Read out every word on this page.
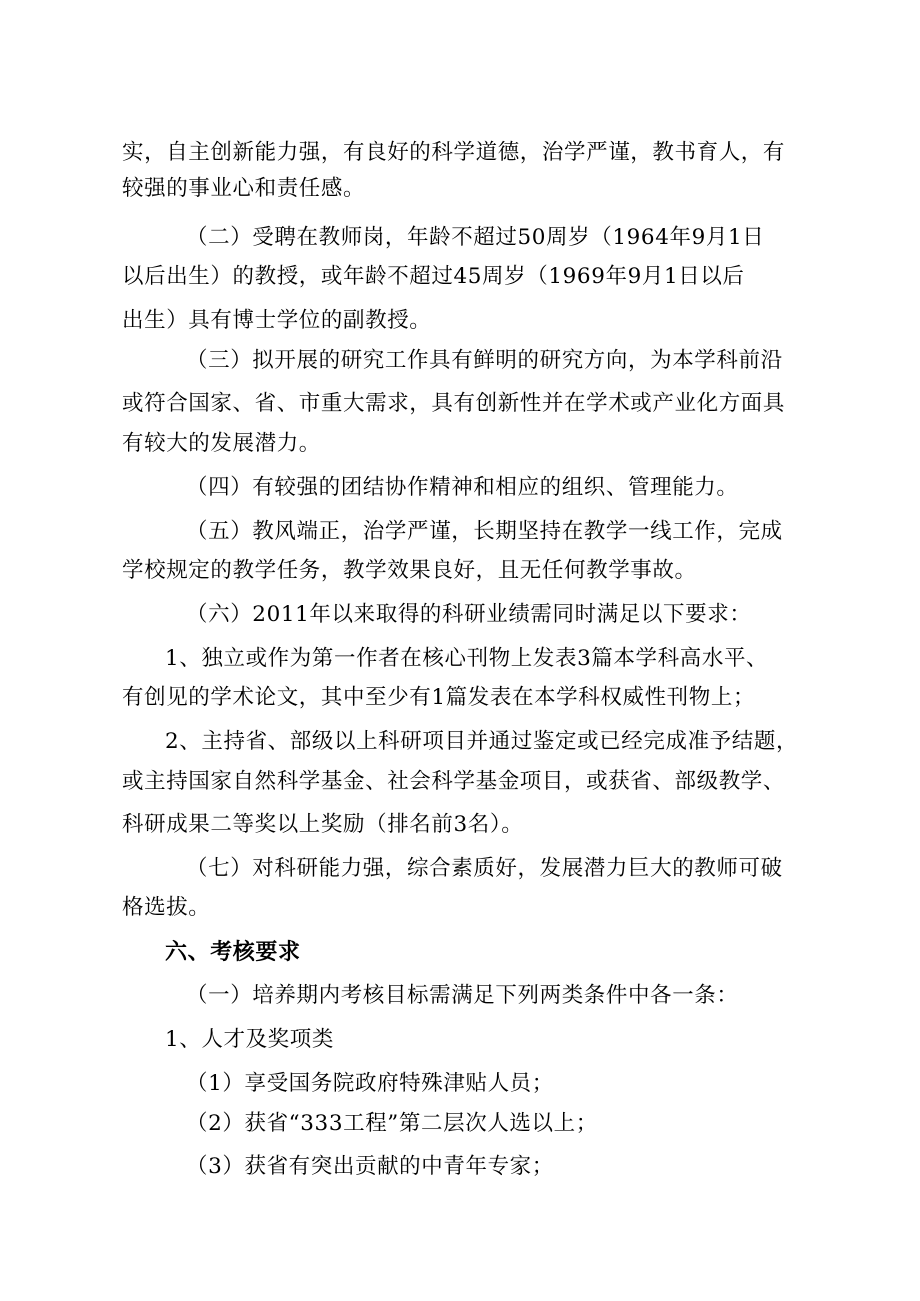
实，自主创新能力强，有良好的科学道德，治学严谨，教书育人，有
较强的事业心和责任感。
（二）受聘在教师岗，年龄不超过50周岁（1964年9月1日
以后出生）的教授，或年龄不超过45周岁（1969年9月1日以后
出生）具有博士学位的副教授。
（三）拟开展的研究工作具有鲜明的研究方向，为本学科前沿
或符合国家、省、市重大需求，具有创新性并在学术或产业化方面具
有较大的发展潜力。
（四）有较强的团结协作精神和相应的组织、管理能力。
（五）教风端正，治学严谨，长期坚持在教学一线工作，完成
学校规定的教学任务，教学效果良好，且无任何教学事故。
（六）2011年以来取得的科研业绩需同时满足以下要求：
1、独立或作为第一作者在核心刊物上发表3篇本学科高水平、
有创见的学术论文，其中至少有1篇发表在本学科权威性刊物上；
2、主持省、部级以上科研项目并通过鉴定或已经完成准予结题，
或主持国家自然科学基金、社会科学基金项目，或获省、部级教学、
科研成果二等奖以上奖励（排名前3名）。
（七）对科研能力强，综合素质好，发展潜力巨大的教师可破
格选拔。
六、考核要求
（一）培养期内考核目标需满足下列两类条件中各一条：
1、人才及奖项类
（1）享受国务院政府特殊津贴人员；
（2）获省“333工程”第二层次人选以上；
（3）获省有突出贡献的中青年专家；
